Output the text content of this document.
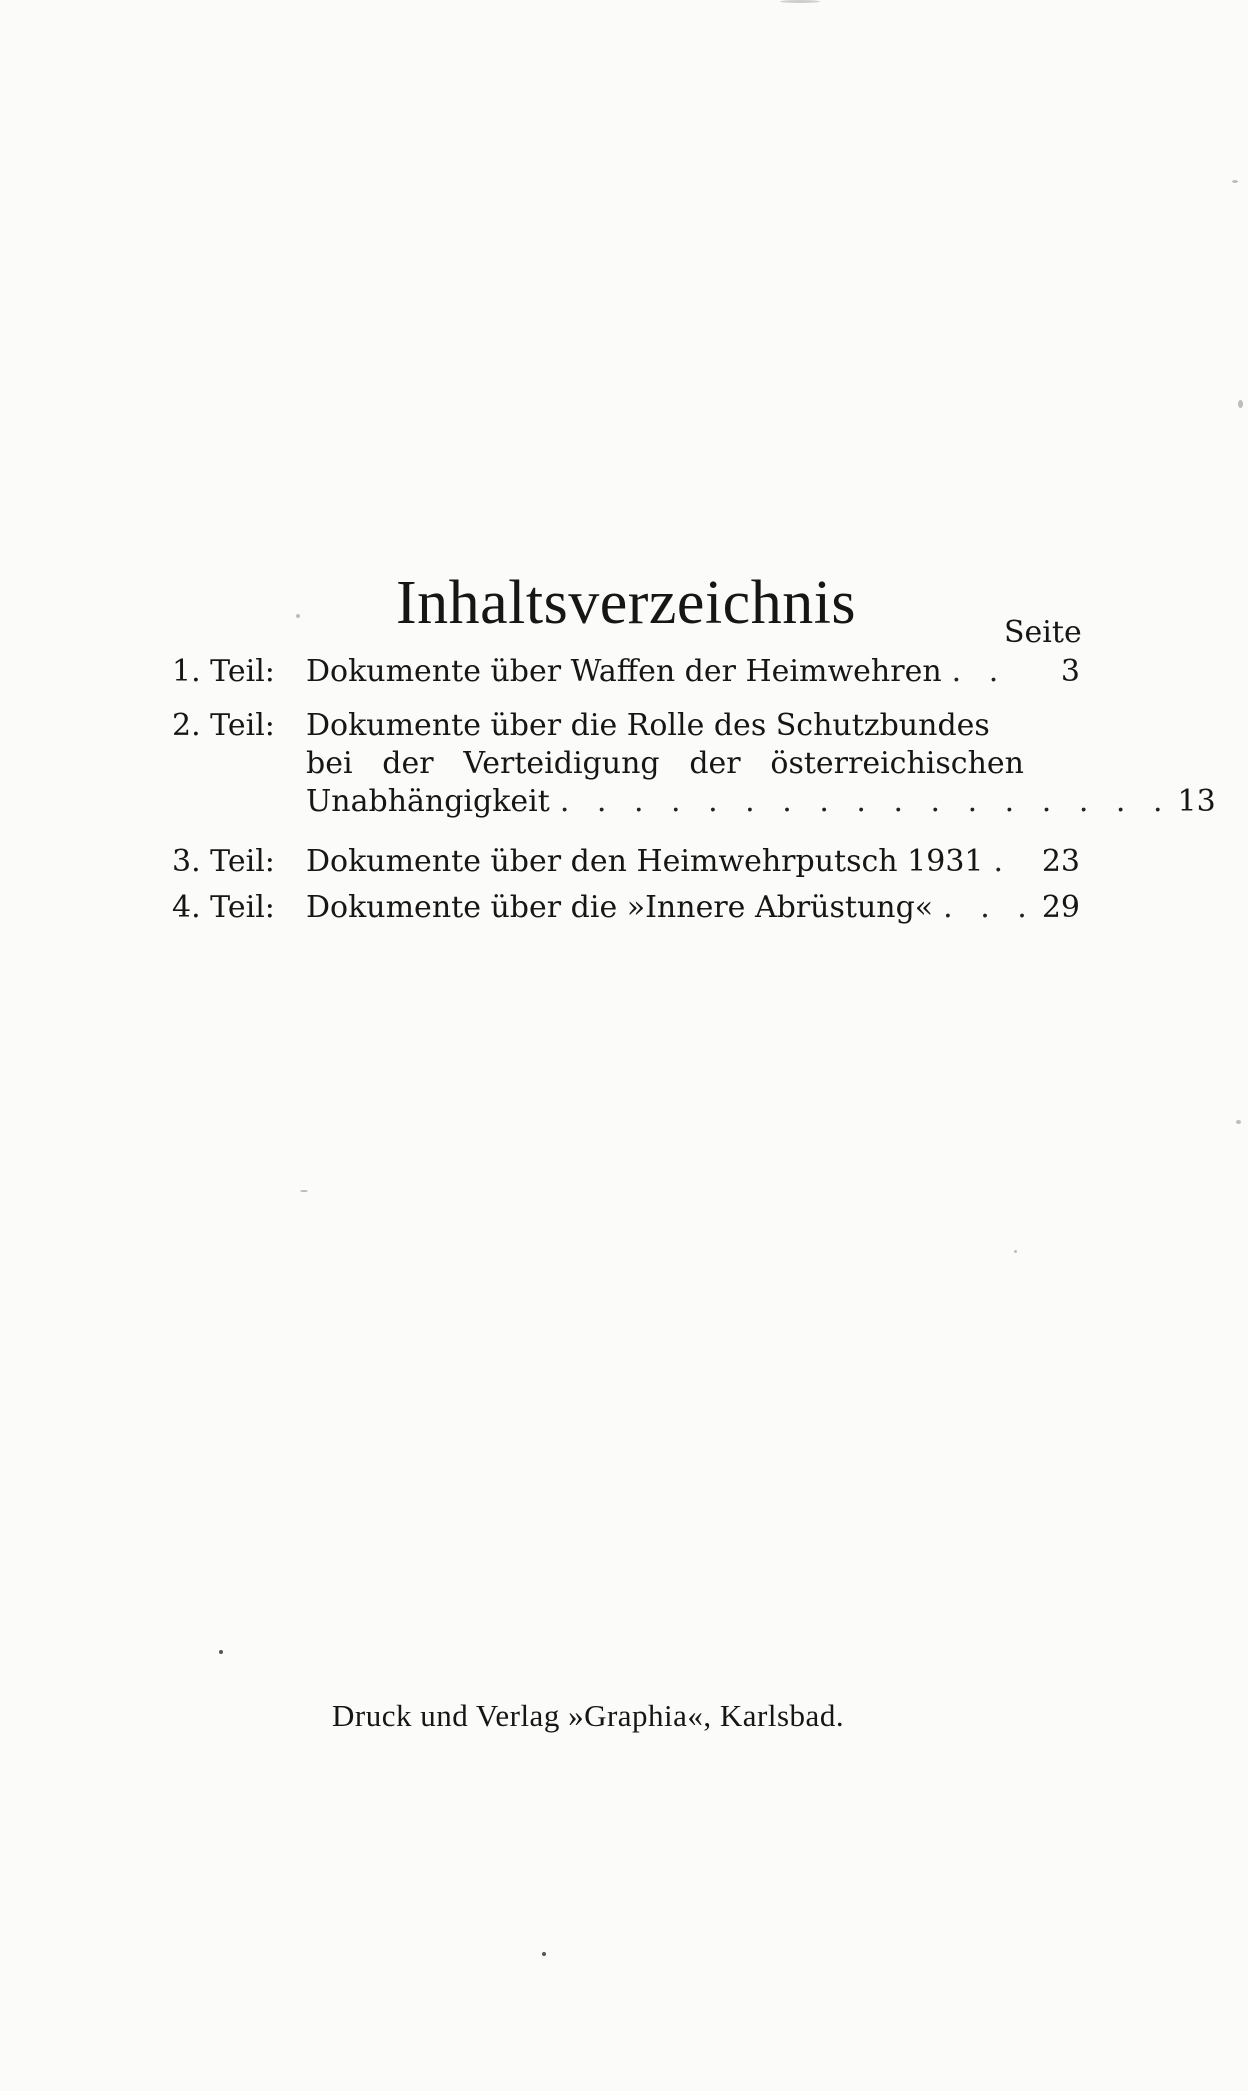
Inhaltsverzeichnis	Seite
1. Teil: Dokumente über Waffen der Heimwehren . .	3
2. Teil: Dokumente über die Rolle des Schutzbundes
bei der Verteidigung der österreichischen
Unabhängigkeit . . . . . . . . . . . . . . . . . 13
3. Teil: Dokumente über den Heimwehrputsch 1931 . 23
4. Teil: Dokumente über die »Innere Abrüstung« . . . 29
Druck und Verlag »Graphia«, Karlsbad.
